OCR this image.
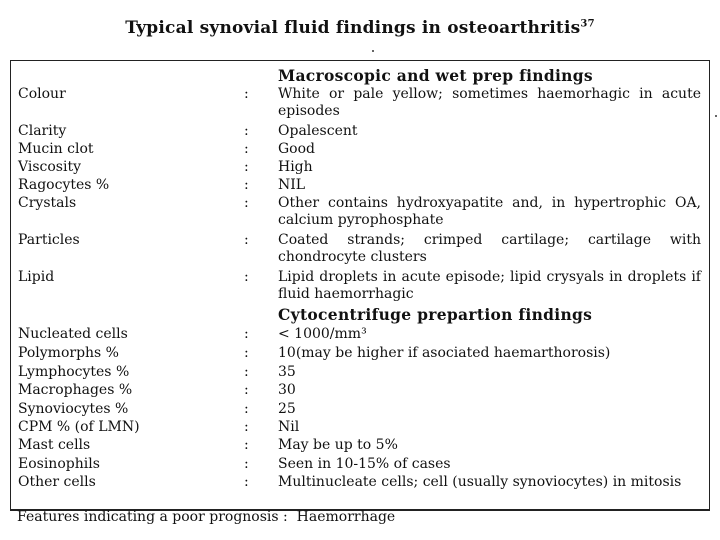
Typical synovial fluid findings in osteoarthritis$^{37}$
Macroscopic and wet prep findings
Colour	: White or pale yellow; sometimes haemorhagic in acute episodes
Clarity	: Opalescent
Mucin clot	: Good
Viscosity	: High
Ragocytes %	: NIL
Crystals	: Other contains hydroxyapatite and, in hypertrophic OA, calcium pyrophosphate
Particles	: Coated strands; crimped cartilage; cartilage with chondrocyte clusters
Lipid	: Lipid droplets in acute episode; lipid crysyals in droplets if fluid haemorrhagic
Cytocentrifuge prepartion findings
Nucleated cells	: < 1000/mm³
Polymorphs %	: 10(may be higher if asociated haemarthorosis)
Lymphocytes %	: 35
Macrophages %	: 30
Synoviocytes %	: 25
CPM % (of LMN)	: Nil
Mast cells	: May be up to 5%
Eosinophils	: Seen in 10-15% of cases
Other cells	: Multinucleate cells; cell (usually synoviocytes) in mitosis
Features indicating a poor prognosis : Haemorrhage
